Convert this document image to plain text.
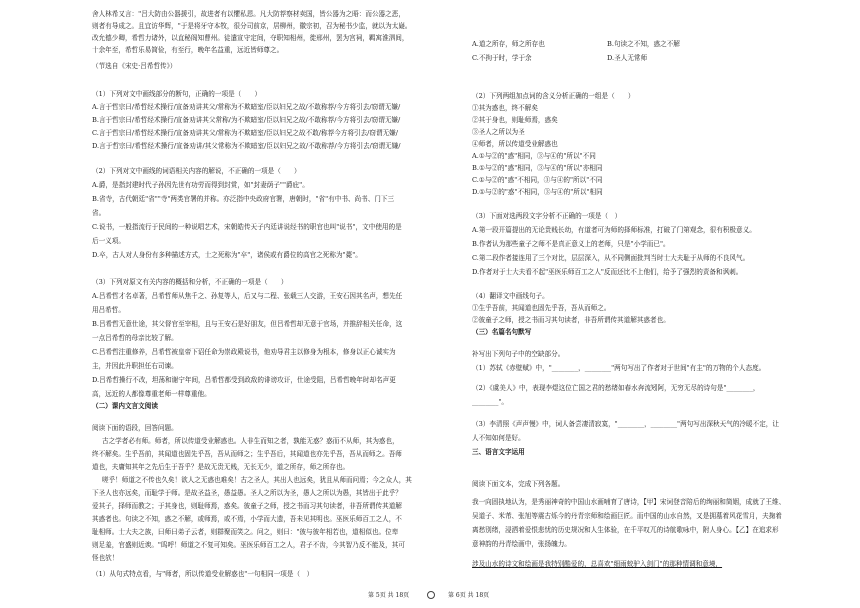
舍人林希又言："吕大防由公器援引，故进者有以懼私恩。凡大防荐察材卖国，皆公器为之晤：而公器之恶，
则者有导成之。且宜访华辉，"于是将牙守本牧，很分司前京，居柳州，徽宗初，召为秘书少监，就以为太嶷。
改允德少卿，希哲力诸外，以直秘阁知曹州。徒遣宣守定间，夺职知相州，徙邢州，罢为宫祠，羁寓淮泗间，
十余年至，希哲乐易简俭，有至行，晚年名益重，远近皆师尊之。
（节选自《宋史·吕希哲传》）
（1）下列对文中画线部分的断句，正确的一项是（　　）
A.言于哲宗曰/希哲经术操行/宣备劝讲其父/常称为不欺暗室/臣以妇兄之故/不敢称荐/今方将引去/窃谓无嫌/
B.言于哲宗曰/希哲经术操行/宣备劝讲其父常称/为不欺暗室/臣以妇兄之故/不敢称荐/今方将引去/窃谓无嫌/
C.言于哲宗曰/希哲经术操行/宣备劝讲其父/常称为不欺暗室/臣以妇兄之故不敢/称荐今方将引去/窃谓无嫌/
D.言于哲宗曰/希哲经术操行/宣备劝讲/其父常称为不欺暗室/臣以妇兄之故/不敢称荐/今方将引去/窃谓无嫌/
（2）下列对文中画线的词语相关内容的解说，不正确的一项是（　　）
A.爵，是指封建时代子孙因先世有功劳而得到封赏，如"封妻荫子""爵庇"。
B.省寺，古代朝廷"省""寺"两类官署的并称。亦泛指中央政府官署，唐朝时，"省"有中书、尚书、门下三
省。
C.说书，一般指流行于民间的一种说唱艺术，宋朝皓传天子内廷讲说经书的职官也叫"说书"，文中使用的是
后一义项。
D.卒，古人对人身份有多种描述方式，士之死称为"卒"，诸侯或有爵位的高官之死称为"薨"。
（3）下列对原文有关内容的概括和分析，不正确的一项是（　　）
A.吕希哲才名卓著，吕希哲师从焦千之、孙复等人，后又与二程、张载三人交游，王安石因其名声，想先任
用吕希哲。
B.吕希哲无意仕途，其父督官至宰相，且与王安石是好朋友，但吕希哲却无意于官场，并推辞相关任命，这
一点吕希哲的母亲比较了解。
C.吕希哲注重修养，吕希哲被皇帝下诏任命为崇政殿说书，他劝导君主以修身为根本，修身以正心诚实为
主，并因此升职担任右司谏。
D.吕希哲操行不改，坦荡和谢宁年间，吕希哲都受到政敌的诽谤攻讦，仕途受阻，吕希哲晚年时却名声更
高，远近的人都像尊重老师一样尊重他。
（二）课内文言文阅读
阅读下面的语段，回答问题。
古之学者必有师。师者，所以传道受业解惑也。人非生而知之者，孰能无惑？惑而不从师，其为惑也，
终不解矣。生乎吾前，其闻道也固先乎吾，吾从而师之；生乎吾后，其闻道也亦先乎吾，吾从而师之。吾师
道也，夫庸知其年之先后生于吾乎？是故无贵无贱，无长无少，道之所存，师之所存也。
嗟乎！师道之不传也久矣！欲人之无惑也难矣！古之圣人，其出人也远矣，犹且从师而问焉；今之众人，其
下圣人也亦远矣，而耻学于师。是故圣益圣，愚益愚。圣人之所以为圣，愚人之所以为愚，其皆出于此乎？
爱其子，择师而教之；于其身也，则耻师焉，惑矣。彼童子之师，授之书而习其句读者，非吾所谓传其道解
其惑者也。句读之不知，惑之不解，或师焉，或不焉，小学而大遗，吾未见其明也。巫医乐师百工之人，不
耻相师。士大夫之族，曰师曰弟子云者，则群聚而笑之。问之，则曰："彼与彼年相若也，道相似也。位卑
则足羞，官盛则近谀。"呜呼！师道之不复可知矣。巫医乐师百工之人，君子不齿，今其智乃反不能及，其可
怪也欤！
（1）从句式特点看，与"师者，所以传道受业解惑也"一句相同一项是（　）
A.道之所存，师之所存也	B.句读之不知，惑之不解
C.不拘于时，学于余	D.圣人无常师
（2）下列两组加点词的含义分析正确的一组是（　　）
①其为惑也，终不解矣
②其于身也，则耻师焉，惑矣
③圣人之所以为圣
④师者，所以传道受业解惑也
A.①与②的"惑"相同，③与④的"所以"不同
B.①与②的"惑"相同，③与④的"所以"亦相同
C.①与②的"惑"不相同，③与④的"所以"不同
D.①与②的"惑"不相同，③与④的"所以"相同
（3）下面对选两段文字分析不正确的一项是（　）
A.第一段开篇提出的无论贵贱长幼，有道者可为师的择师标准，打破了门第观念，很有积极意义。
B.作者认为那些童子之师不是真正意义上的老师，只是"小学而已"。
C.第二段作者接连用了三个对比，层层深入，从不同侧面批判当时士大夫耻于从师的不良风气。
D.作者对于士大夫看不起"巫医乐师百工之人"反而还比不上他们，给予了强烈的责备和讽刺。
（4）翻译文中画线句子。
①生乎吾前，其闻道也固先乎吾，吾从而师之。
②彼童子之师，授之书而习其句读者，非吾所谓传其道解其惑者也。
（三）名篇名句默写
补写出下列句子中的空缺部分。
（1）苏轼《赤壁赋》中，"________，________"两句写出了作者对于世间"有主"的万物的个人态度。
（2）《虞美人》中，表现李煜这位亡国之君的愁绪如春水奔流矧阿，无穷无尽的诗句是"________，
________"。
（3）李清照《声声慢》中，词人备尝凄清寂寞，"________，________"两句写出深秋天气的冷暖不定，让
人不知如何是好。
三、语言文字运用
阅读下面文本，完成下列各题。
我一向固执地认为，是秀丽神奇的中国山水画哺育了唐诗，【甲】宋词登音陪后的绚丽和简姻，成就了王维、
吴道子、米芾、张旭等震古烁今的丹青宗师和绘画巨匠。而中国的山水自然，又是拥墓着风花雪月，夫掬着
离愁别绪，浸洒着爱恨悲忧的历史规况和人生体验，在千平叹兀的诗航歌咏中，附人身心。【乙】在追求形
意神韵的丹青绘画中，张扬魄力。
涉及山水的诗文和绘画是我特别酷爱的，总喜欢"细雨蛟驴入剑门"的那种情调和意境，
第 5页 共 18页	第 6页 共 18页
